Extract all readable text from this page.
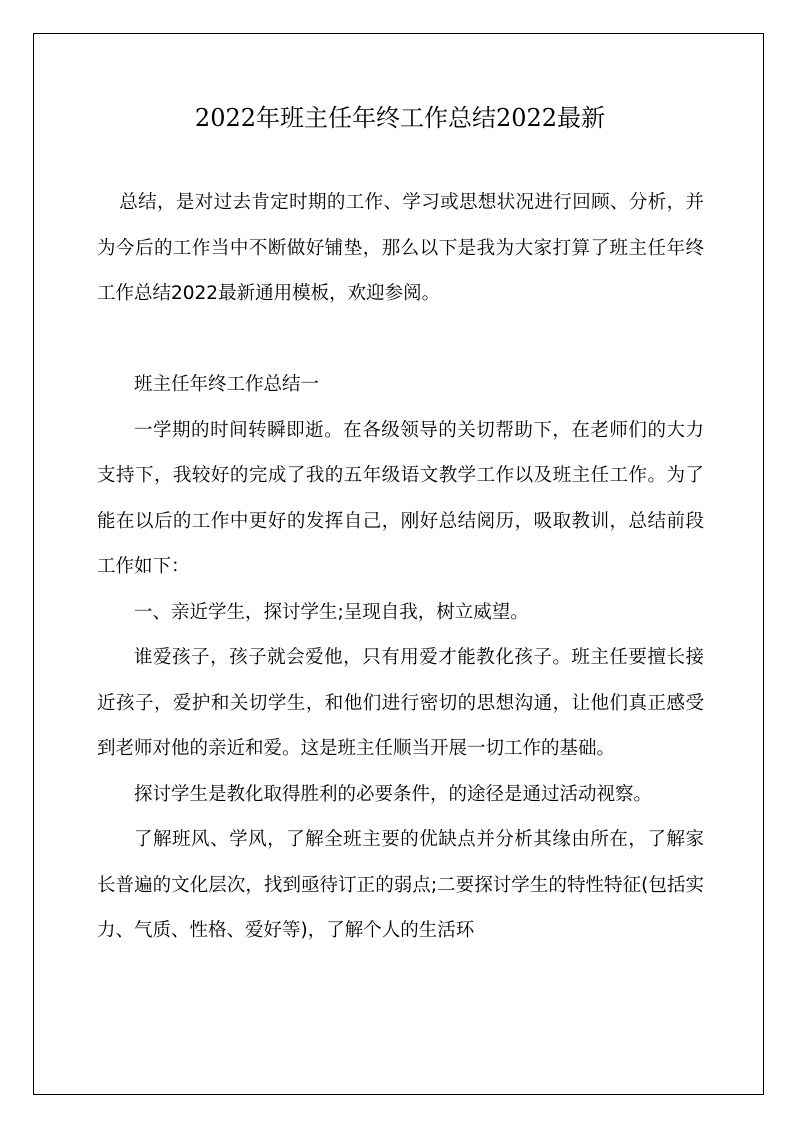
2022年班主任年终工作总结2022最新

总结，是对过去肯定时期的工作、学习或思想状况进行回顾、分析，并为今后的工作当中不断做好铺垫，那么以下是我为大家打算了班主任年终工作总结2022最新通用模板，欢迎参阅。

班主任年终工作总结一

一学期的时间转瞬即逝。在各级领导的关切帮助下，在老师们的大力支持下，我较好的完成了我的五年级语文教学工作以及班主任工作。为了能在以后的工作中更好的发挥自己，刚好总结阅历，吸取教训，总结前段工作如下：

一、亲近学生，探讨学生;呈现自我，树立威望。

谁爱孩子，孩子就会爱他，只有用爱才能教化孩子。班主任要擅长接近孩子，爱护和关切学生，和他们进行密切的思想沟通，让他们真正感受到老师对他的亲近和爱。这是班主任顺当开展一切工作的基础。

探讨学生是教化取得胜利的必要条件，的途径是通过活动视察。

了解班风、学风，了解全班主要的优缺点并分析其缘由所在，了解家长普遍的文化层次，找到亟待订正的弱点;二要探讨学生的特性特征(包括实力、气质、性格、爱好等)，了解个人的生活环
